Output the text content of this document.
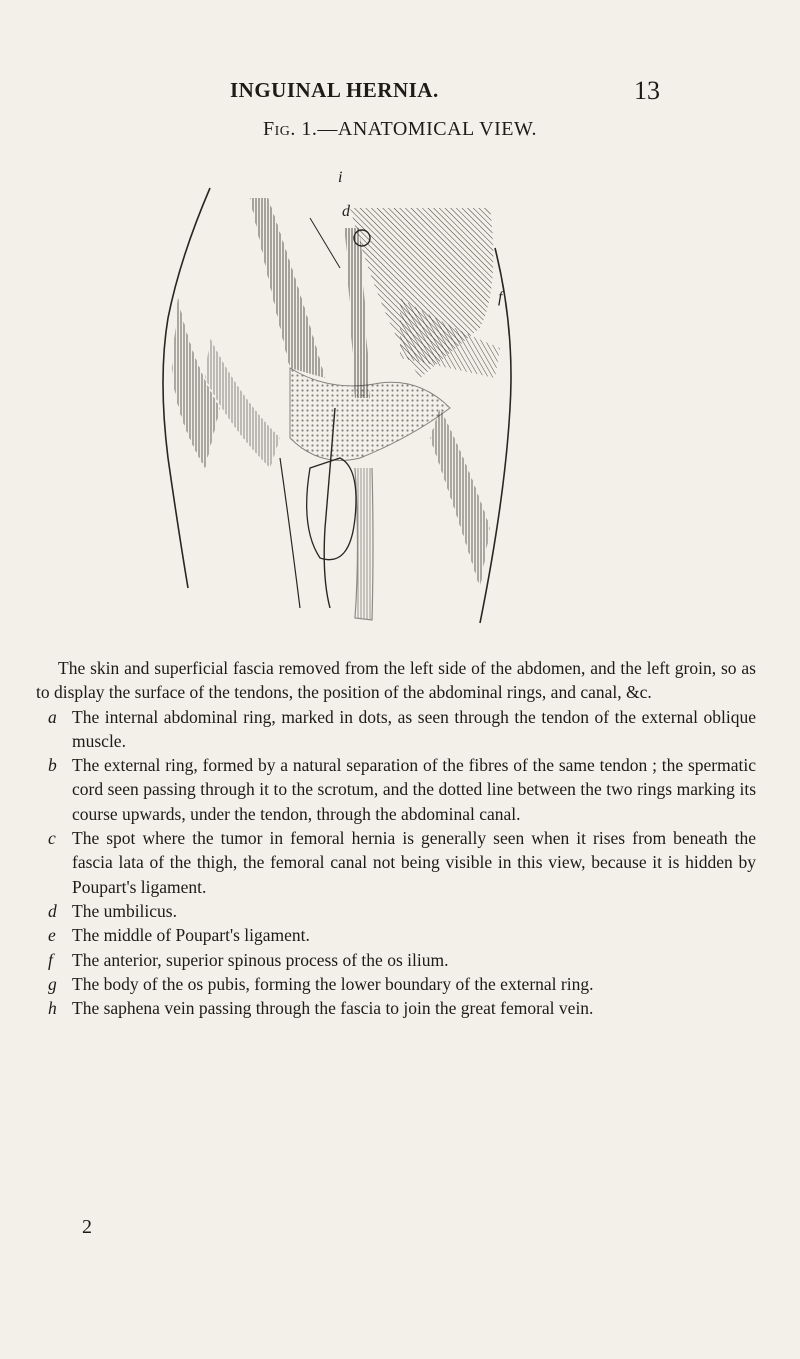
INGUINAL HERNIA.	13
Fig. 1.—ANATOMICAL VIEW.
i
d
f

The skin and superficial fascia removed from the left side of the abdomen, and the left groin, so as to display the surface of the tendons, the position of the abdominal rings, and canal, &c.

a The internal abdominal ring, marked in dots, as seen through the tendon of the external oblique muscle.

b The external ring, formed by a natural separation of the fibres of the same tendon ; the spermatic cord seen passing through it to the scrotum, and the dotted line between the two rings marking its course upwards, under the tendon, through the abdominal canal.

c The spot where the tumor in femoral hernia is generally seen when it rises from beneath the fascia lata of the thigh, the femoral canal not being visible in this view, because it is hidden by Poupart's ligament.

d The umbilicus.

e The middle of Poupart's ligament.

f The anterior, superior spinous process of the os ilium.

g The body of the os pubis, forming the lower boundary of the external ring.

h The saphena vein passing through the fascia to join the great femoral vein.

2
